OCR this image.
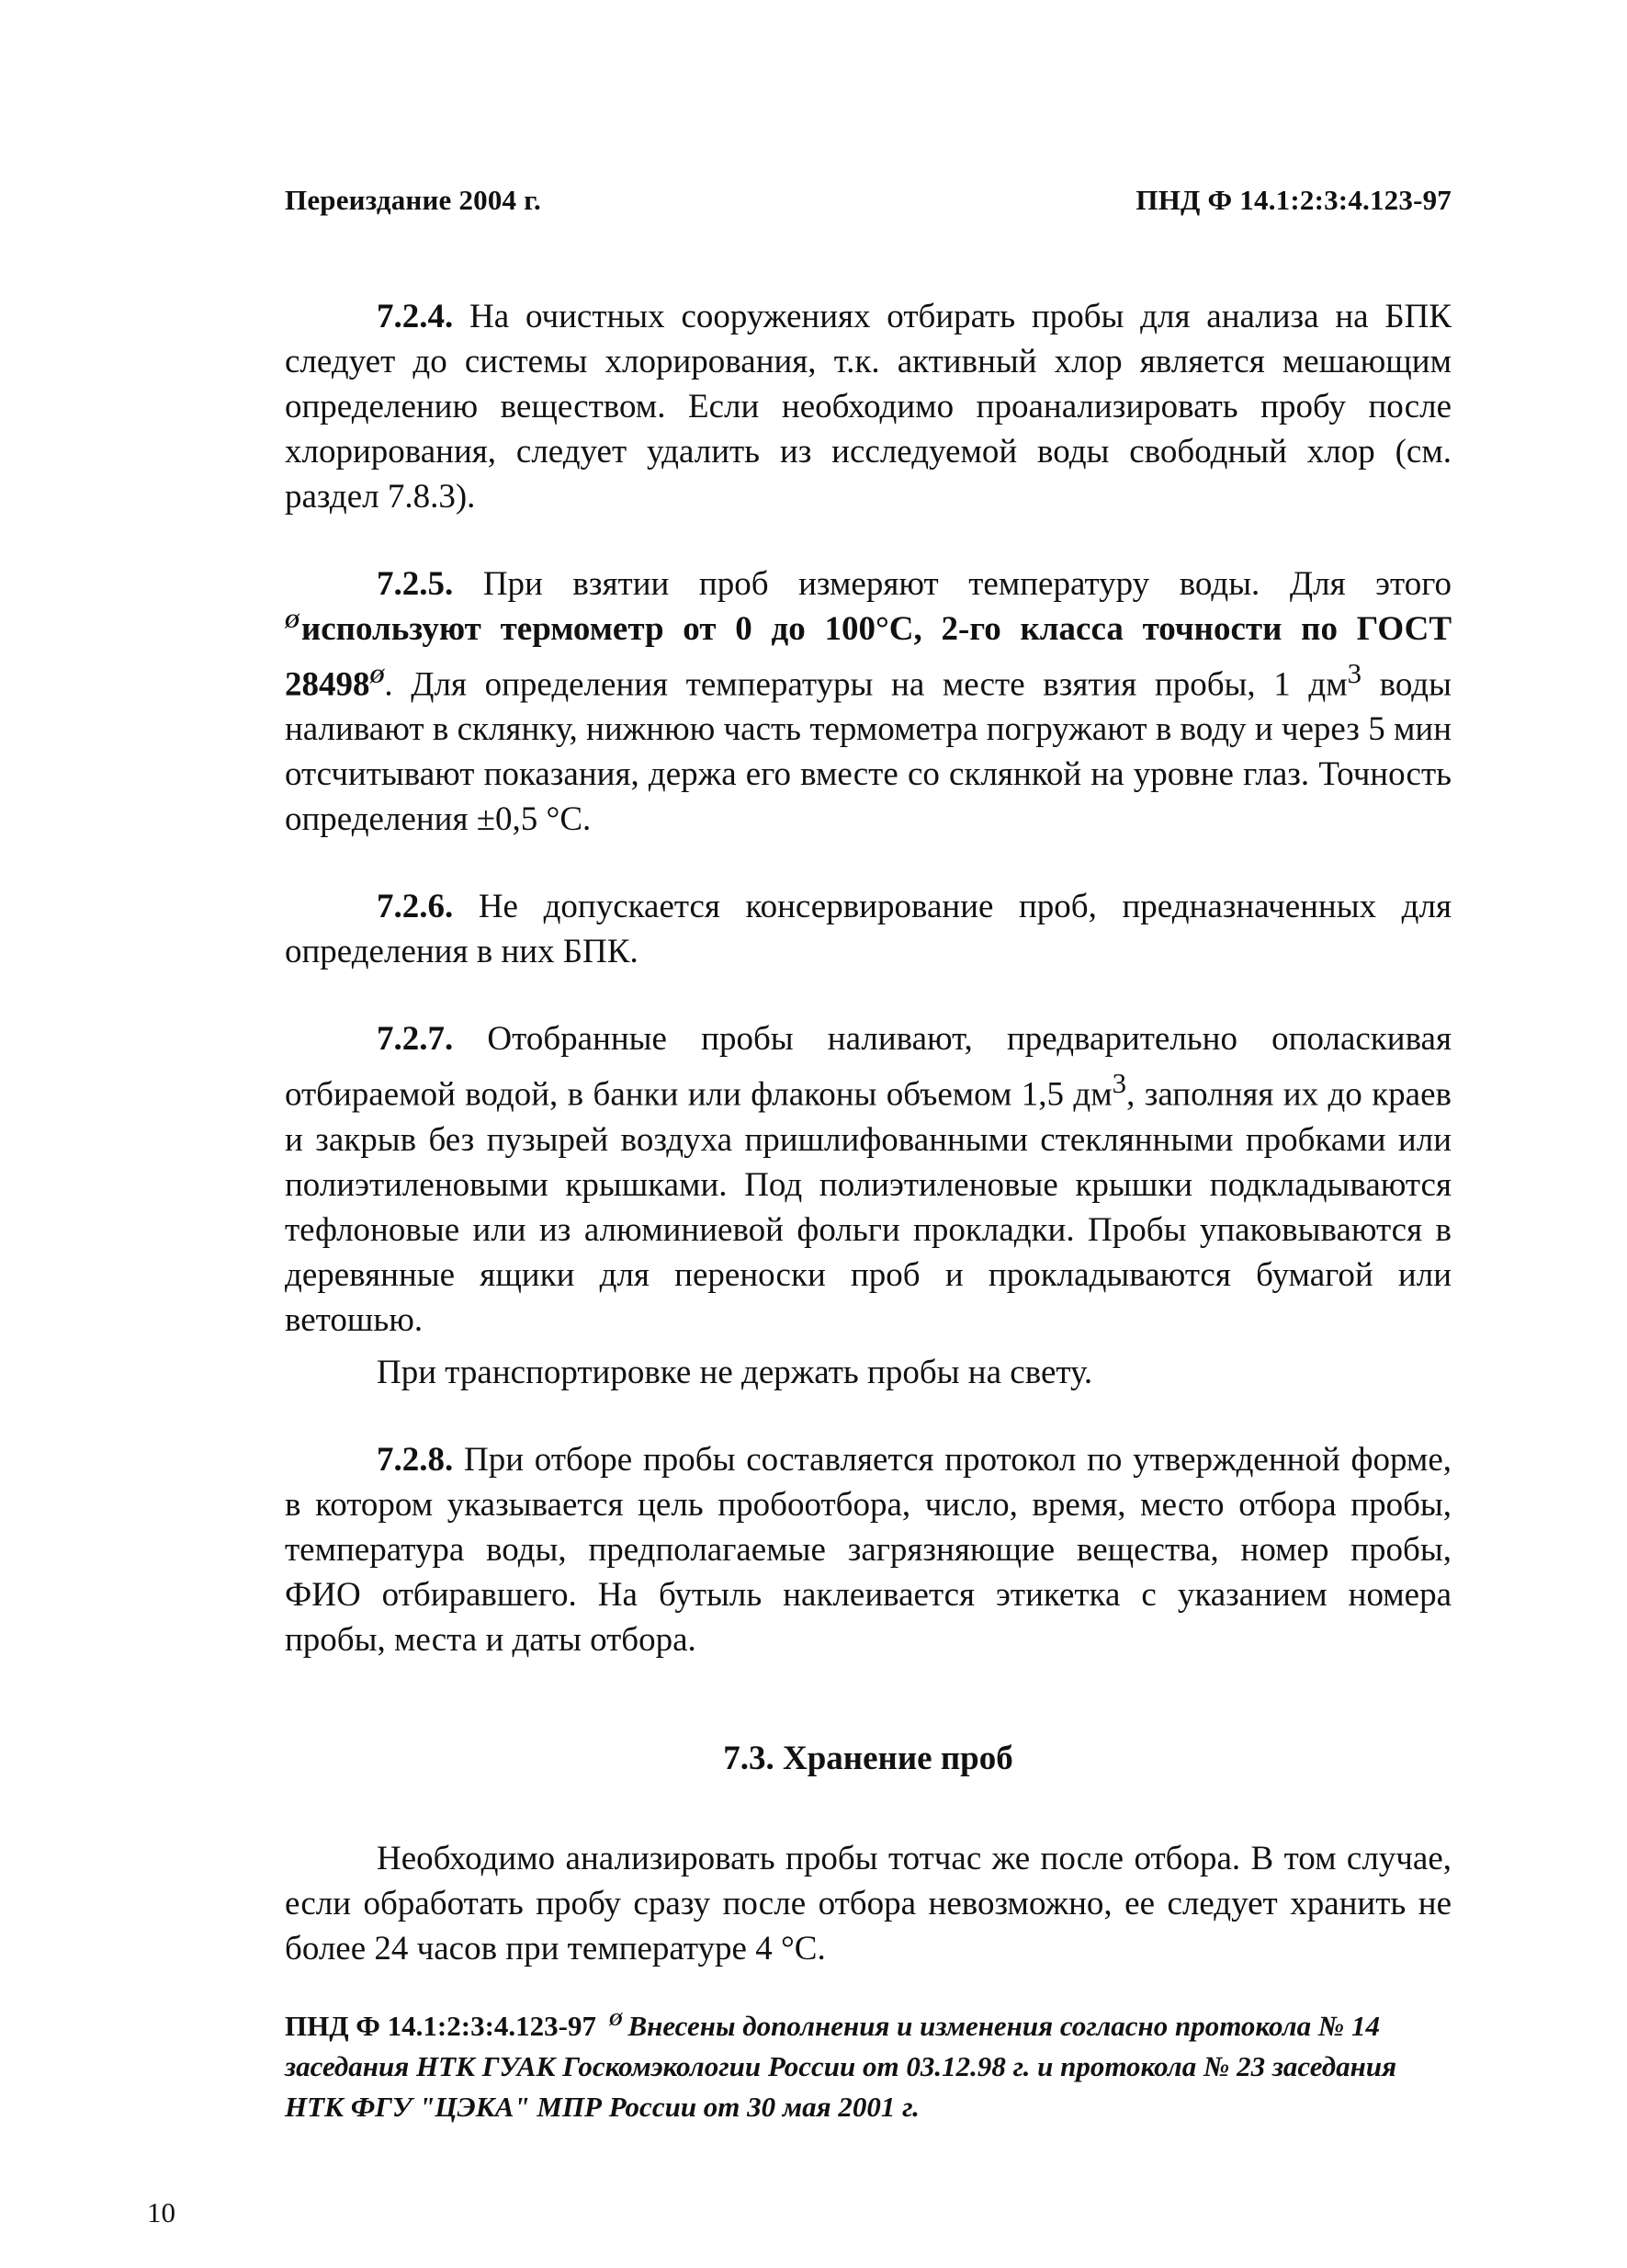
Переиздание 2004 г.	ПНД Ф 14.1:2:3:4.123-97

7.2.4. На очистных сооружениях отбирать пробы для анализа на БПК следует до системы хлорирования, т.к. активный хлор является мешающим определению веществом. Если необходимо проанализировать пробу после хлорирования, следует удалить из исследуемой воды свободный хлор (см. раздел 7.8.3).

7.2.5. При взятии проб измеряют температуру воды. Для этого $^Ø$используют термометр от 0 до 100°С, 2-го класса точности по ГОСТ $28498^Ø$. Для определения температуры на месте взятия пробы, 1 $дм^3$ воды наливают в склянку, нижнюю часть термометра погружают в воду и через 5 мин отсчитывают показания, держа его вместе со склянкой на уровне глаз. Точность определения ±0,5 °С.

7.2.6. Не допускается консервирование проб, предназначенных для определения в них БПК.

7.2.7. Отобранные пробы наливают, предварительно ополаскивая отбираемой водой, в банки или флаконы объемом 1,5 $дм^3$, заполняя их до краев и закрыв без пузырей воздуха пришлифованными стеклянными пробками или полиэтиленовыми крышками. Под полиэтиленовые крышки подкладываются тефлоновые или из алюминиевой фольги прокладки. Пробы упаковываются в деревянные ящики для переноски проб и прокладываются бумагой или ветошью.

При транспортировке не держать пробы на свету.

7.2.8. При отборе пробы составляется протокол по утвержденной форме, в котором указывается цель пробоотбора, число, время, место отбора пробы, температура воды, предполагаемые загрязняющие вещества, номер пробы, ФИО отбиравшего. На бутыль наклеивается этикетка с указанием номера пробы, места и даты отбора.

7.3. Хранение проб

Необходимо анализировать пробы тотчас же после отбора. В том случае, если обработать пробу сразу после отбора невозможно, ее следует хранить не более 24 часов при температуре 4 °С.

ПНД Ф 14.1:2:3:4.123-97 $^Ø$ Внесены дополнения и изменения согласно протокола № 14 заседания НТК ГУАК Госкомэкологии России от 03.12.98 г. и протокола № 23 заседания НТК ФГУ "ЦЭКА" МПР России от 30 мая 2001 г.
10
